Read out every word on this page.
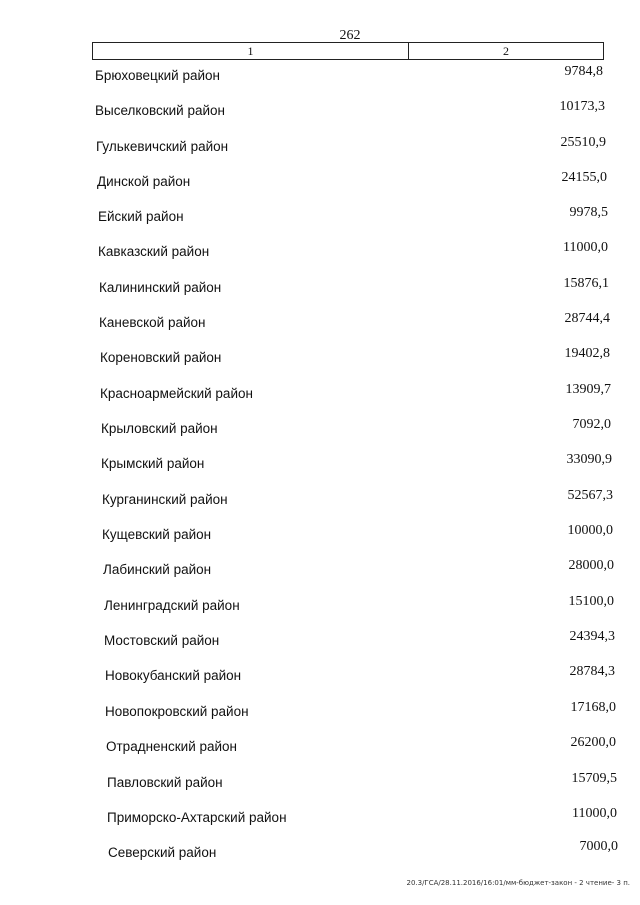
262
1	2
Брюховецкий район	9784,8
Выселковский район	10173,3
Гулькевичский район	25510,9
Динской район	24155,0
Ейский район	9978,5
Кавказский район	11000,0
Калининский район	15876,1
Каневской район	28744,4
Кореновский район	19402,8
Красноармейский район	13909,7
Крыловский район	7092,0
Крымский район	33090,9
Курганинский район	52567,3
Кущевский район	10000,0
Лабинский район	28000,0
Ленинградский район	15100,0
Мостовский район	24394,3
Новокубанский район	28784,3
Новопокровский район	17168,0
Отрадненский район	26200,0
Павловский район	15709,5
Приморско-Ахтарский район	11000,0
Северский район	7000,0
20.3/ГСА/28.11.2016/16:01/мм-бюджет-закон - 2 чтение- 3 п.
